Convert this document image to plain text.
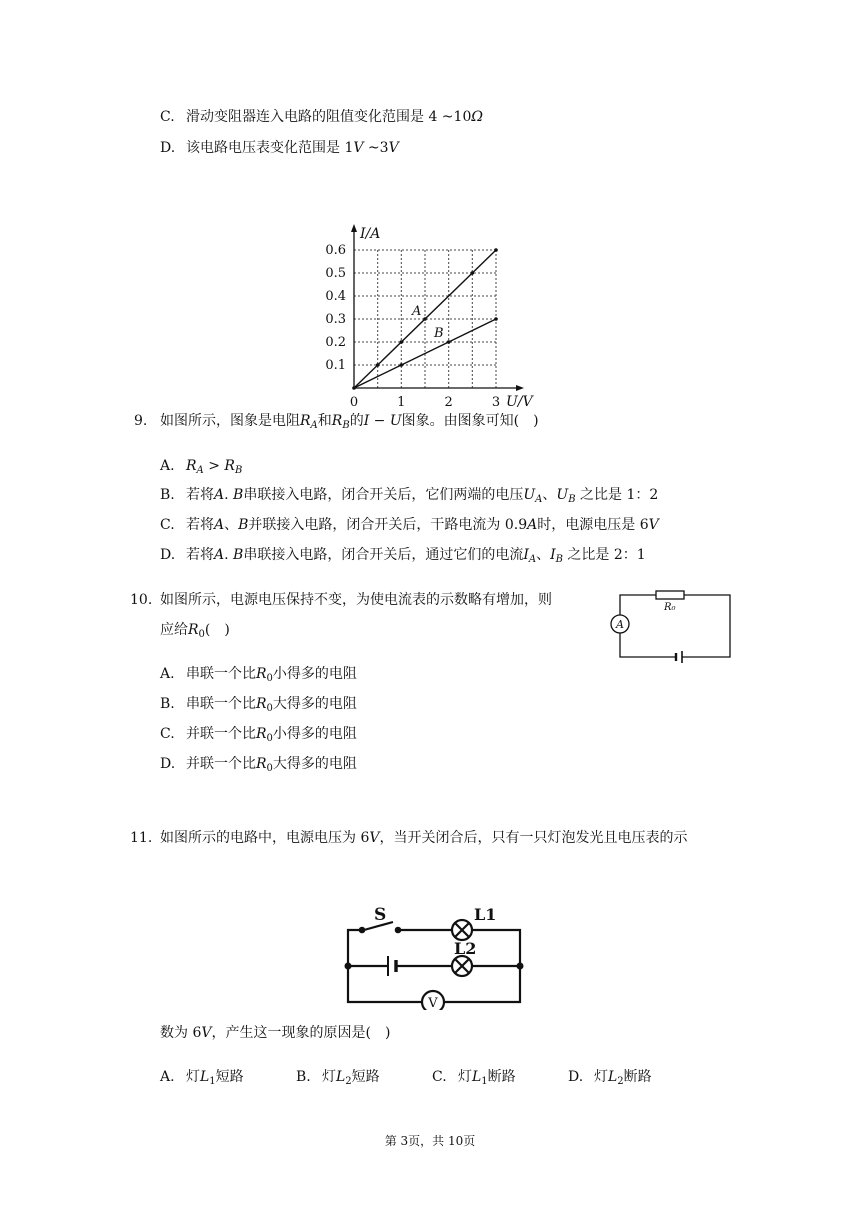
C. 滑动变阻器连入电路的阻值变化范围是 4 ~10Ω
D. 该电路电压表变化范围是 1V ~3V
0.6
0.5
0.4
0.3
0.2
0.1
0	1	2	3
I/A
U/V
A
B
9. 如图所示，图象是电阻$R_A$和$R_B$的I − U图象。由图象可知(　)
A. $R_A > R_B$
B. 若将A. B串联接入电路，闭合开关后，它们两端的电压$U_A$、$U_B$ 之比是 1：2
C. 若将A、B并联接入电路，闭合开关后，干路电流为 0.9A时，电源电压是 6V
D. 若将A. B串联接入电路，闭合开关后，通过它们的电流$I_A$、$I_B$ 之比是 2：1
10. 如图所示，电源电压保持不变，为使电流表的示数略有增加，则
应给$R_0$(　)	A
R₀
A. 串联一个比$R_0$小得多的电阻
B. 串联一个比$R_0$大得多的电阻
C. 并联一个比$R_0$小得多的电阻
D. 并联一个比$R_0$大得多的电阻
11. 如图所示的电路中，电源电压为 6V，当开关闭合后，只有一只灯泡发光且电压表的示
V
S	L1
L2
数为 6V，产生这一现象的原因是(　)
A. 灯$L_1$短路	B. 灯$L_2$短路	C. 灯$L_1$断路	D. 灯$L_2$断路
第 3页，共 10页
